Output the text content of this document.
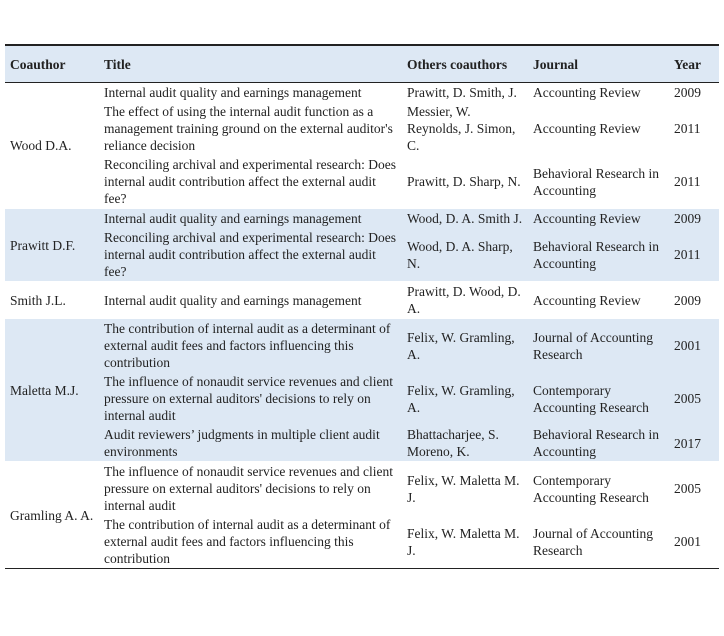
Coauthor	Title	Others coauthors	Journal	Year
Wood D.A.	Internal audit quality and earnings management	Prawitt, D. Smith, J.	Accounting Review	2009
	The effect of using the internal audit function as a management training ground on the external auditor's reliance decision	Messier, W. Reynolds, J. Simon, C.	Accounting Review	2011
	Reconciling archival and experimental research: Does internal audit contribution affect the external audit fee?	Prawitt, D. Sharp, N.	Behavioral Research in Accounting	2011
Prawitt D.F.	Internal audit quality and earnings management	Wood, D. A. Smith J.	Accounting Review	2009
	Reconciling archival and experimental research: Does internal audit contribution affect the external audit fee?	Wood, D. A. Sharp, N.	Behavioral Research in Accounting	2011
Smith J.L.	Internal audit quality and earnings management	Prawitt, D. Wood, D. A.	Accounting Review	2009
Maletta M.J.	The contribution of internal audit as a determinant of external audit fees and factors influencing this contribution	Felix, W. Gramling, A.	Journal of Accounting Research	2001
	The influence of nonaudit service revenues and client pressure on external auditors' decisions to rely on internal audit	Felix, W. Gramling, A.	Contemporary Accounting Research	2005
	Audit reviewers’ judgments in multiple client audit environments	Bhattacharjee, S. Moreno, K.	Behavioral Research in Accounting	2017
Gramling A. A.	The influence of nonaudit service revenues and client pressure on external auditors' decisions to rely on internal audit	Felix, W. Maletta M. J.	Contemporary Accounting Research	2005
	The contribution of internal audit as a determinant of external audit fees and factors influencing this contribution	Felix, W. Maletta M. J.	Journal of Accounting Research	2001
